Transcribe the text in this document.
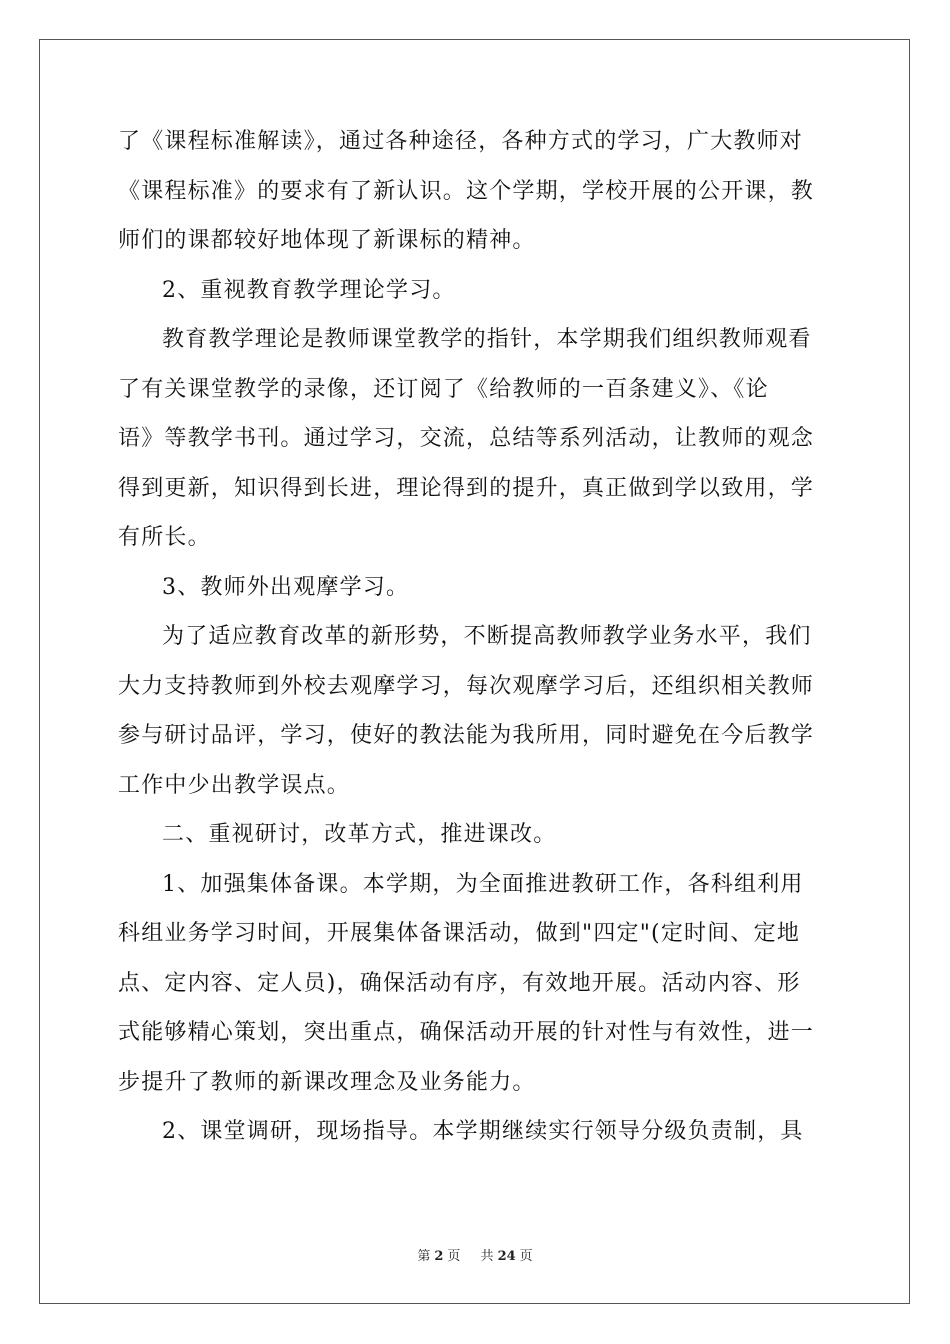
了《课程标准解读》，通过各种途径，各种方式的学习，广大教师对
《课程标准》的要求有了新认识。这个学期，学校开展的公开课，教
师们的课都较好地体现了新课标的精神。
2、重视教育教学理论学习。
教育教学理论是教师课堂教学的指针，本学期我们组织教师观看
了有关课堂教学的录像，还订阅了《给教师的一百条建义》、《论
语》等教学书刊。通过学习，交流，总结等系列活动，让教师的观念
得到更新，知识得到长进，理论得到的提升，真正做到学以致用，学
有所长。
3、教师外出观摩学习。
为了适应教育改革的新形势，不断提高教师教学业务水平，我们
大力支持教师到外校去观摩学习，每次观摩学习后，还组织相关教师
参与研讨品评，学习，使好的教法能为我所用，同时避免在今后教学
工作中少出教学误点。
二、重视研讨，改革方式，推进课改。
1、加强集体备课。本学期，为全面推进教研工作，各科组利用
科组业务学习时间，开展集体备课活动，做到"四定"(定时间、定地
点、定内容、定人员)，确保活动有序，有效地开展。活动内容、形
式能够精心策划，突出重点，确保活动开展的针对性与有效性，进一
步提升了教师的新课改理念及业务能力。
2、课堂调研，现场指导。本学期继续实行领导分级负责制，具
第 2 页 共 24 页
